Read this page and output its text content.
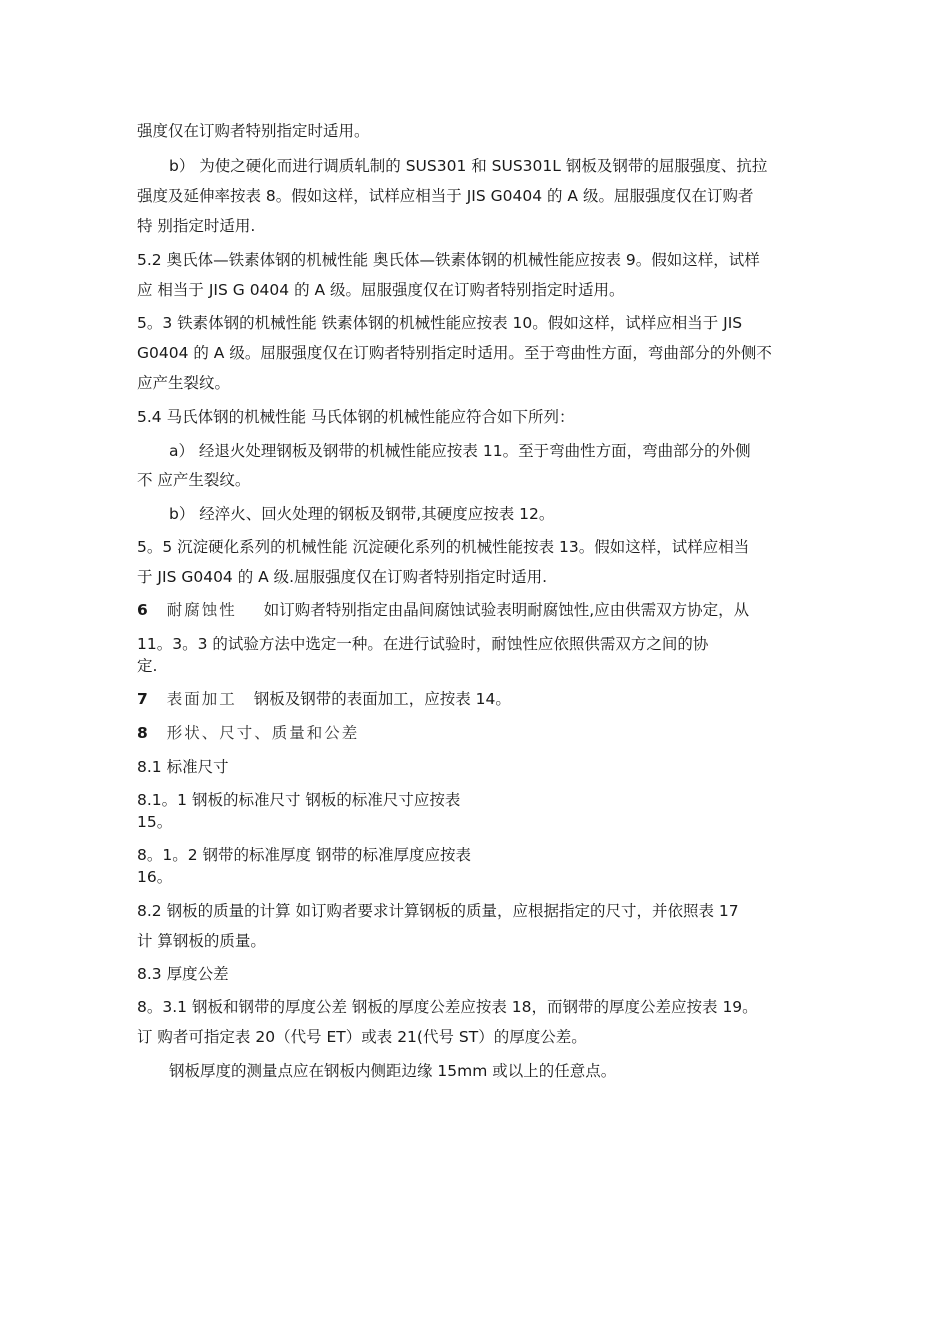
强度仅在订购者特别指定时适用。
b） 为使之硬化而进行调质轧制的 SUS301 和 SUS301L 钢板及钢带的屈服强度、抗拉
强度及延伸率按表 8。假如这样，试样应相当于 JIS G0404 的 A 级。屈服强度仅在订购者
特 别指定时适用.
5.2 奥氏体—铁素体钢的机械性能 奥氏体—铁素体钢的机械性能应按表 9。假如这样，试样
应 相当于 JIS G 0404 的 A 级。屈服强度仅在订购者特别指定时适用。
5。3 铁素体钢的机械性能 铁素体钢的机械性能应按表 10。假如这样，试样应相当于 JIS
G0404 的 A 级。屈服强度仅在订购者特别指定时适用。至于弯曲性方面，弯曲部分的外侧不
应产生裂纹。
5.4 马氏体钢的机械性能 马氏体钢的机械性能应符合如下所列：
a） 经退火处理钢板及钢带的机械性能应按表 11。至于弯曲性方面，弯曲部分的外侧
不 应产生裂纹。
b） 经淬火、回火处理的钢板及钢带,其硬度应按表 12。
5。5 沉淀硬化系列的机械性能 沉淀硬化系列的机械性能按表 13。假如这样，试样应相当
于 JIS G0404 的 A 级.屈服强度仅在订购者特别指定时适用.
6 耐腐蚀性 如订购者特别指定由晶间腐蚀试验表明耐腐蚀性,应由供需双方协定，从
11。3。3 的试验方法中选定一种。在进行试验时，耐蚀性应依照供需双方之间的协
定.
7 表面加工 钢板及钢带的表面加工，应按表 14。
8 形状、尺寸、质量和公差
8.1 标准尺寸
8.1。1 钢板的标准尺寸 钢板的标准尺寸应按表
15。
8。1。2 钢带的标准厚度 钢带的标准厚度应按表
16。
8.2 钢板的质量的计算 如订购者要求计算钢板的质量，应根据指定的尺寸，并依照表 17
计 算钢板的质量。
8.3 厚度公差
8。3.1 钢板和钢带的厚度公差 钢板的厚度公差应按表 18，而钢带的厚度公差应按表 19。
订 购者可指定表 20（代号 ET）或表 21(代号 ST）的厚度公差。
钢板厚度的测量点应在钢板内侧距边缘 15mm 或以上的任意点。
